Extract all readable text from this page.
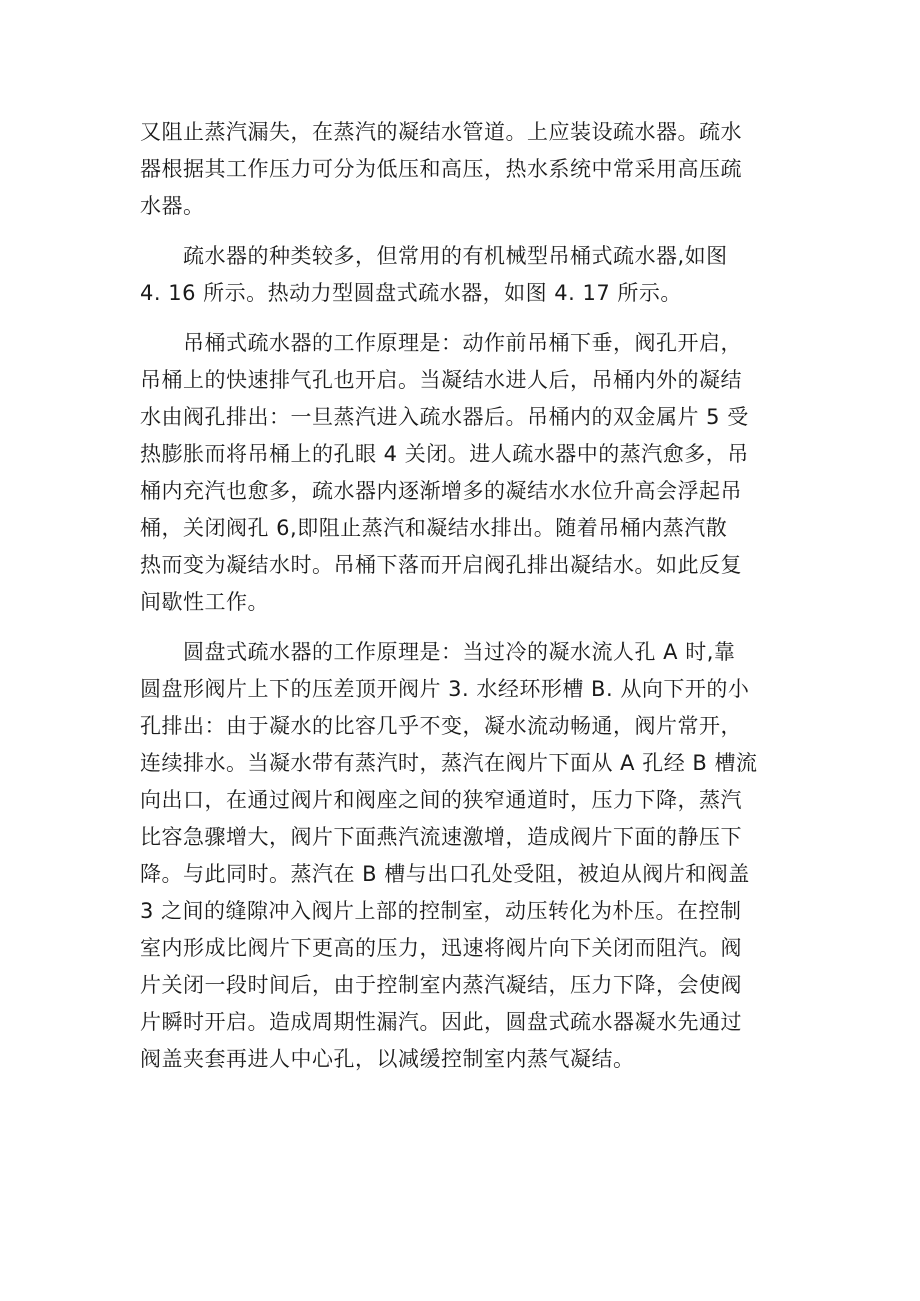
又阻止蒸汽漏失，在蒸汽的凝结水管道。上应装设疏水器。疏水
器根据其工作压力可分为低压和高压，热水系统中常采用高压疏
水器。

　　疏水器的种类较多，但常用的有机械型吊桶式疏水器,如图
4. 16 所示。热动力型圆盘式疏水器，如图 4. 17 所示。

　　吊桶式疏水器的工作原理是：动作前吊桶下垂，阀孔开启，
吊桶上的快速排气孔也开启。当凝结水进人后，吊桶内外的凝结
水由阀孔排出：一旦蒸汽进入疏水器后。吊桶内的双金属片 5 受
热膨胀而将吊桶上的孔眼 4 关闭。进人疏水器中的蒸汽愈多，吊
桶内充汽也愈多，疏水器内逐渐增多的凝结水水位升高会浮起吊
桶，关闭阀孔 6,即阻止蒸汽和凝结水排出。随着吊桶内蒸汽散
热而变为凝结水时。吊桶下落而开启阀孔排出凝结水。如此反复
间歇性工作。

　　圆盘式疏水器的工作原理是：当过冷的凝水流人孔 A 时,靠
圆盘形阀片上下的压差顶开阀片 3. 水经环形槽 B. 从向下开的小
孔排出：由于凝水的比容几乎不变，凝水流动畅通，阀片常开，
连续排水。当凝水带有蒸汽时，蒸汽在阀片下面从 A 孔经 B 槽流
向出口，在通过阀片和阀座之间的狭窄通道时，压力下降，蒸汽
比容急骤增大，阀片下面燕汽流速激增，造成阀片下面的静压下
降。与此同时。蒸汽在 B 槽与出口孔处受阻，被迫从阀片和阀盖
3 之间的缝隙冲入阀片上部的控制室，动压转化为朴压。在控制
室内形成比阀片下更高的压力，迅速将阀片向下关闭而阻汽。阀
片关闭一段时间后，由于控制室内蒸汽凝结，压力下降，会使阀
片瞬时开启。造成周期性漏汽。因此，圆盘式疏水器凝水先通过
阀盖夹套再进人中心孔，以减缓控制室内蒸气凝结。
